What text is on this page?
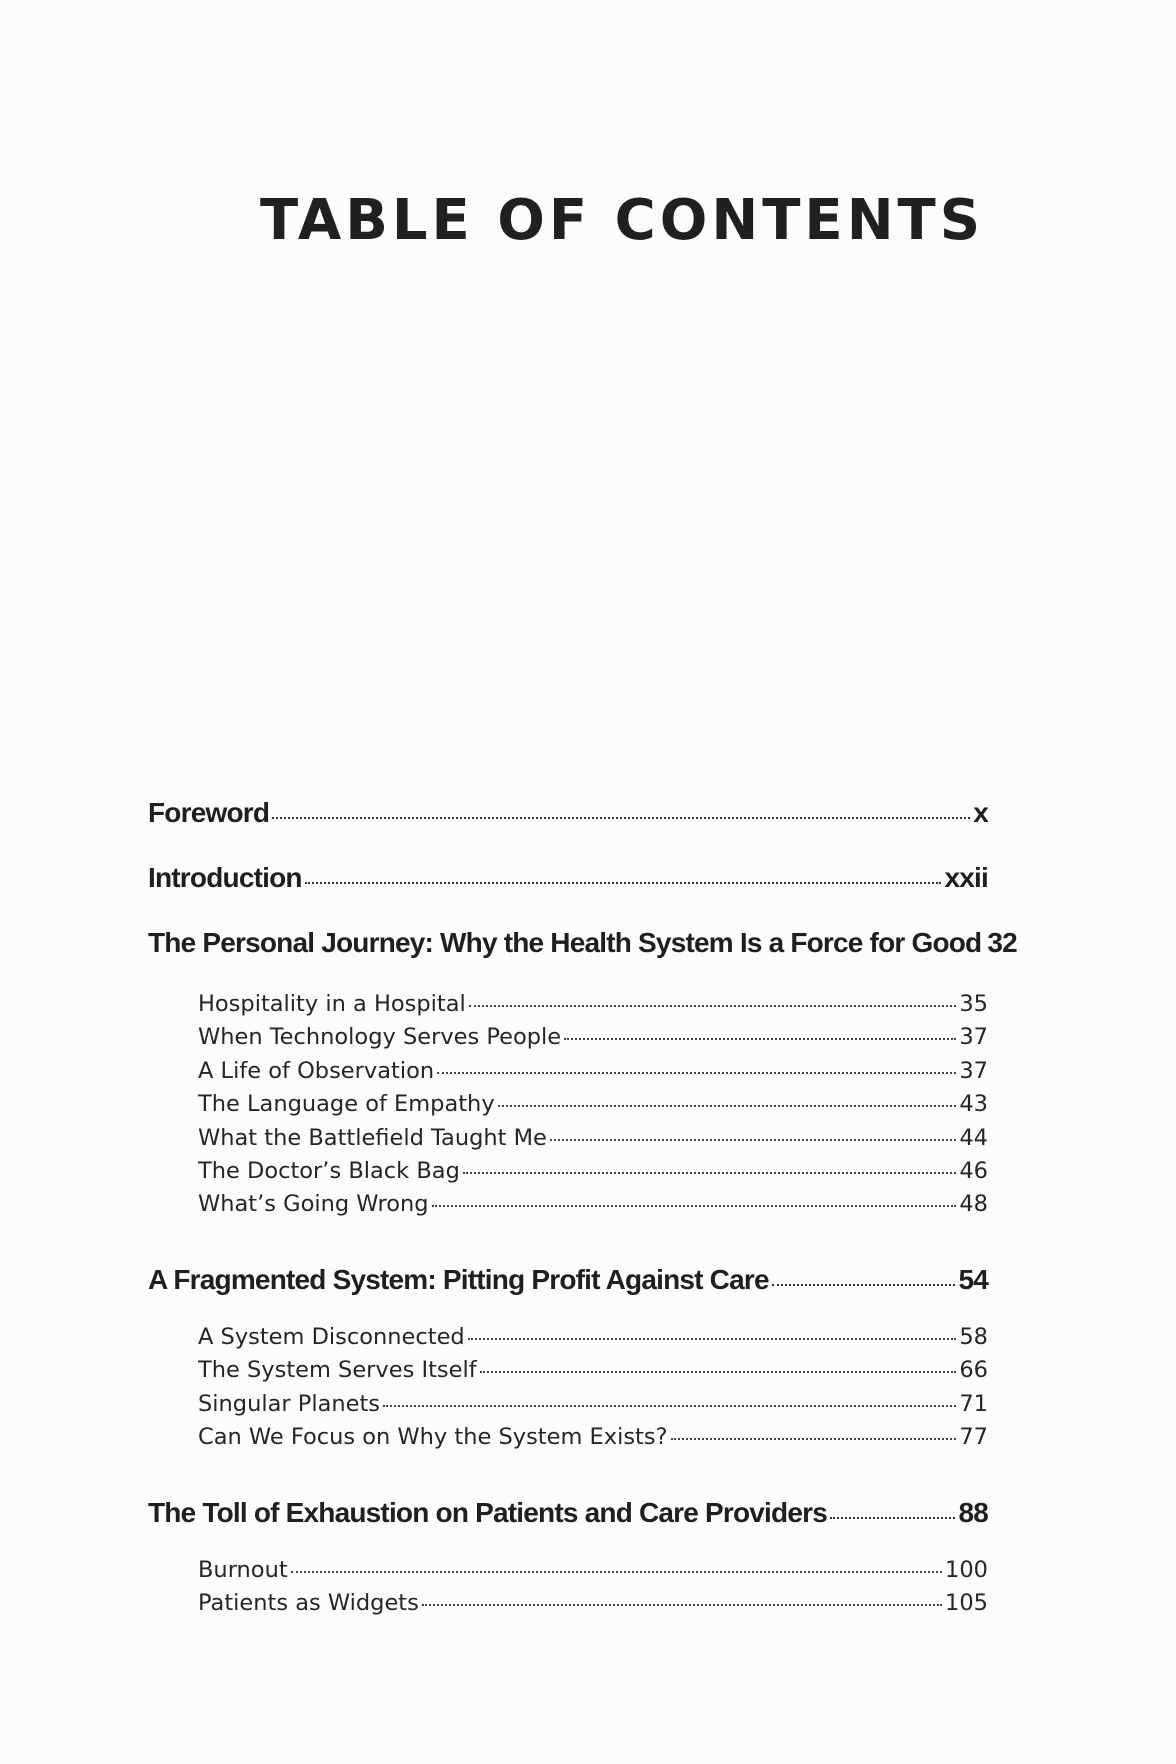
TABLE OF CONTENTS
Foreword	x
Introduction	xxii
The Personal Journey: Why the Health System Is a Force for Good 32
Hospitality in a Hospital	35
When Technology Serves People	37
A Life of Observation	37
The Language of Empathy	43
What the Battlefield Taught Me	44
The Doctor’s Black Bag	46
What’s Going Wrong	48
A Fragmented System: Pitting Profit Against Care	54
A System Disconnected	58
The System Serves Itself	66
Singular Planets	71
Can We Focus on Why the System Exists?	77
The Toll of Exhaustion on Patients and Care Providers	88
Burnout	100
Patients as Widgets	105
